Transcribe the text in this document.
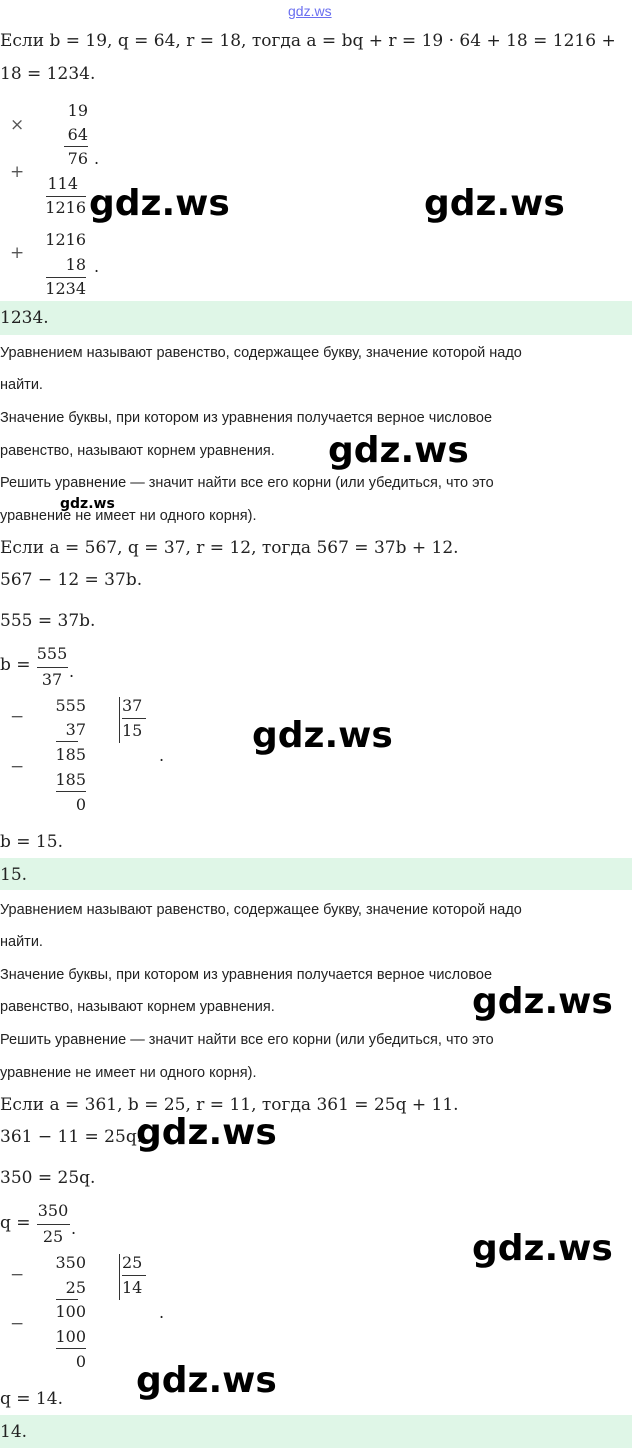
gdz.ws
Если b = 19, q = 64, r = 18, тогда a = bq + r = 19 · 64 + 18 = 1216 +
18 = 1234.
×
19
64
76 .
+
114
1216
+
1216
18
1234
.
1234.
Уравнением называют равенство, содержащее букву, значение которой надо
найти.
Значение буквы, при котором из уравнения получается верное числовое
равенство, называют корнем уравнения.
Решить уравнение — значит найти все его корни (или убедиться, что это
уравнение не имеет ни одного корня).
Если a = 567, q = 37, r = 12, тогда 567 = 37b + 12.
567 − 12 = 37b.
555 = 37b.
b =
555
37 .
−
555
37
−
185
185
0
37
15
.
b = 15.
15.
Уравнением называют равенство, содержащее букву, значение которой надо
найти.
Значение буквы, при котором из уравнения получается верное числовое
равенство, называют корнем уравнения.
Решить уравнение — значит найти все его корни (или убедиться, что это
уравнение не имеет ни одного корня).
Если a = 361, b = 25, r = 11, тогда 361 = 25q + 11.
361 − 11 = 25q.
350 = 25q.
q =
350
25 .
−
350
25
−
100
100
0
25
14
.
q = 14.
14.
gdz.ws	gdz.ws
gdz.ws
gdz.ws
gdz.ws
gdz.ws
gdz.ws
gdz.ws
gdz.ws
